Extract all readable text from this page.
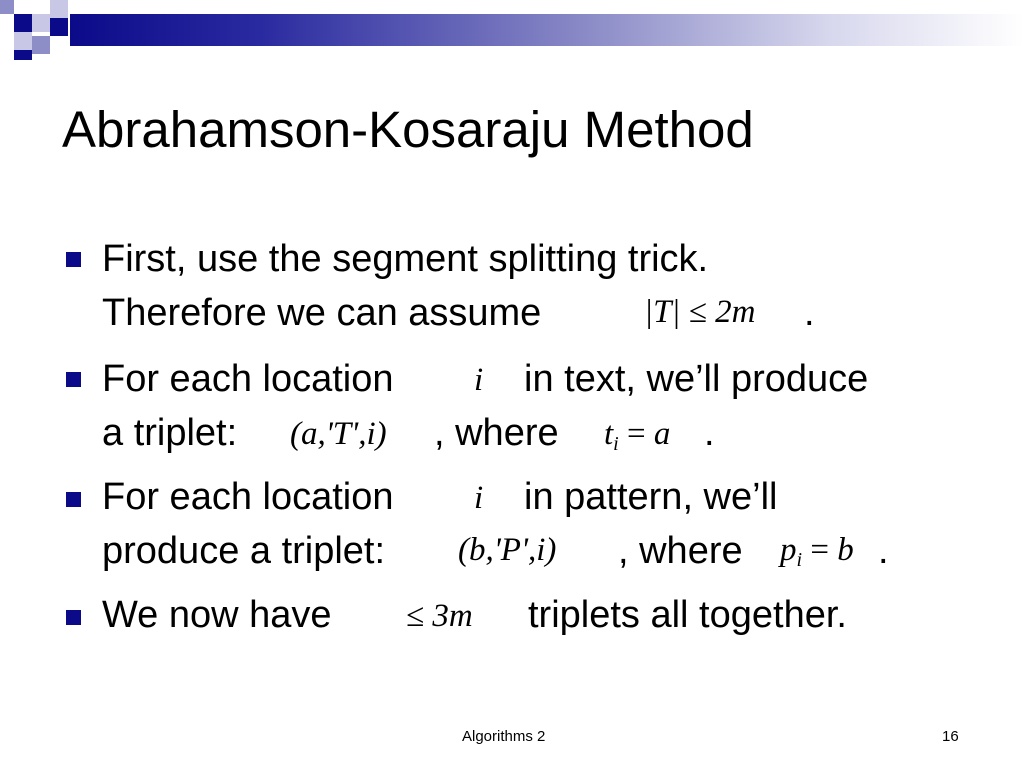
Abrahamson-Kosaraju Method
First, use the segment splitting trick.
Therefore we can assume	|T| ≤ 2m .
For each location i in text, we’ll produce
a triplet: (a,'T',i) , where $t_i = a$ .
For each location i in pattern, we’ll
produce a triplet: (b,'P',i) , where $p_i = b$ .
We now have ≤ 3m triplets all together.
Algorithms 2	16
